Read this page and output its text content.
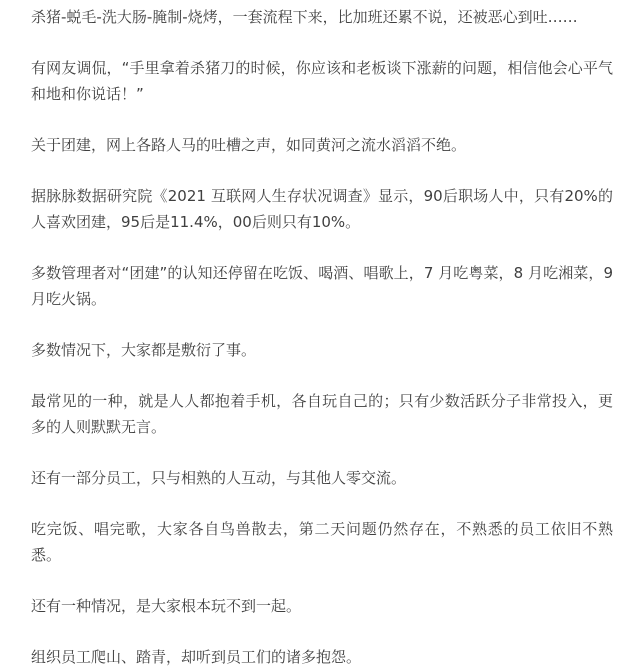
杀猪-蜕毛-洗大肠-腌制-烧烤，一套流程下来，比加班还累不说，还被恶心到吐……

有网友调侃，“手里拿着杀猪刀的时候，你应该和老板谈下涨薪的问题，相信他会心平气和地和你说话！”

关于团建，网上各路人马的吐槽之声，如同黄河之流水滔滔不绝。

据脉脉数据研究院《2021 互联网人生存状况调查》显示，90后职场人中，只有20%的人喜欢团建，95后是11.4%，00后则只有10%。

多数管理者对“团建”的认知还停留在吃饭、喝酒、唱歌上，7 月吃粤菜，8 月吃湘菜，9 月吃火锅。

多数情况下，大家都是敷衍了事。

最常见的一种，就是人人都抱着手机，各自玩自己的；只有少数活跃分子非常投入，更多的人则默默无言。

还有一部分员工，只与相熟的人互动，与其他人零交流。

吃完饭、唱完歌，大家各自鸟兽散去，第二天问题仍然存在，不熟悉的员工依旧不熟悉。

还有一种情况，是大家根本玩不到一起。

组织员工爬山、踏青，却听到员工们的诸多抱怨。
